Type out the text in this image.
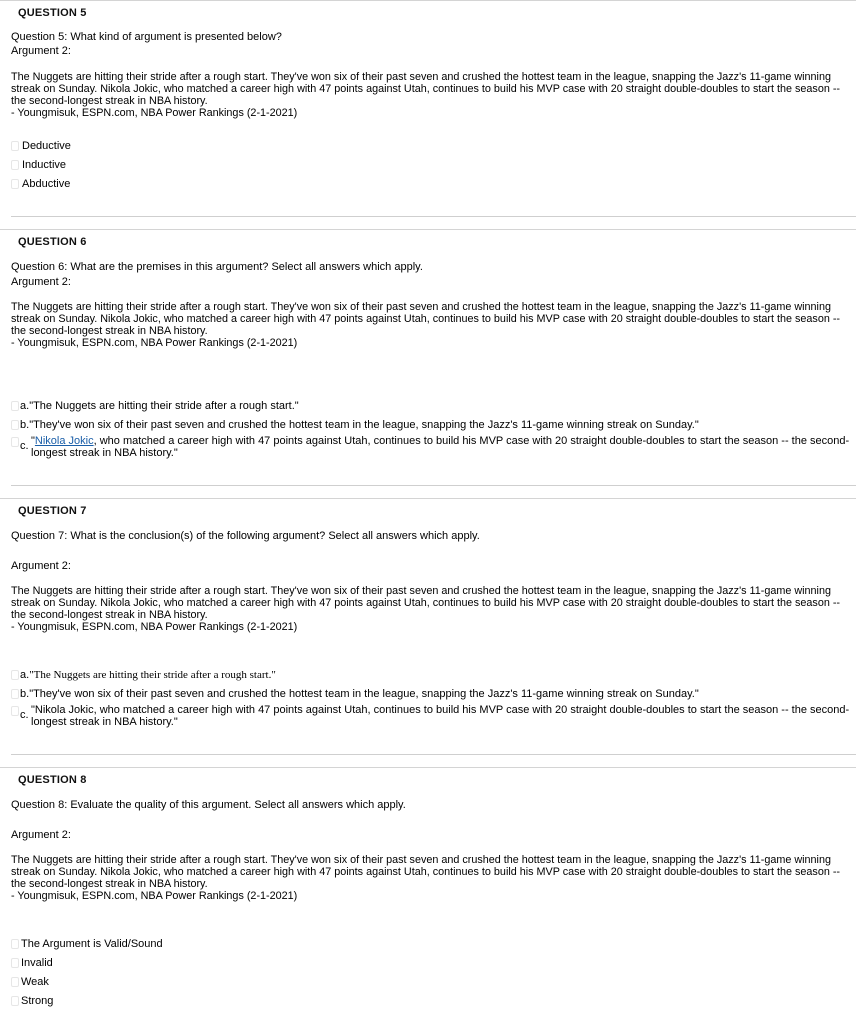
QUESTION 5
Question 5: What kind of argument is presented below?
Argument 2:
The Nuggets are hitting their stride after a rough start. They've won six of their past seven and crushed the hottest team in the league, snapping the Jazz's 11-game winning streak on Sunday. Nikola Jokic, who matched a career high with 47 points against Utah, continues to build his MVP case with 20 straight double-doubles to start the season -- the second-longest streak in NBA history.
- Youngmisuk, ESPN.com, NBA Power Rankings (2-1-2021)
Deductive
Inductive
Abductive
QUESTION 6
Question 6: What are the premises in this argument? Select all answers which apply.
Argument 2:
The Nuggets are hitting their stride after a rough start. They've won six of their past seven and crushed the hottest team in the league, snapping the Jazz's 11-game winning streak on Sunday. Nikola Jokic, who matched a career high with 47 points against Utah, continues to build his MVP case with 20 straight double-doubles to start the season -- the second-longest streak in NBA history.
- Youngmisuk, ESPN.com, NBA Power Rankings (2-1-2021)
a."The Nuggets are hitting their stride after a rough start."
b."They've won six of their past seven and crushed the hottest team in the league, snapping the Jazz's 11-game winning streak on Sunday."
c. "Nikola Jokic, who matched a career high with 47 points against Utah, continues to build his MVP case with 20 straight double-doubles to start the season -- the second-
longest streak in NBA history."
QUESTION 7
Question 7: What is the conclusion(s) of the following argument? Select all answers which apply.
Argument 2:
The Nuggets are hitting their stride after a rough start. They've won six of their past seven and crushed the hottest team in the league, snapping the Jazz's 11-game winning streak on Sunday. Nikola Jokic, who matched a career high with 47 points against Utah, continues to build his MVP case with 20 straight double-doubles to start the season -- the second-longest streak in NBA history.
- Youngmisuk, ESPN.com, NBA Power Rankings (2-1-2021)
a."The Nuggets are hitting their stride after a rough start."
b."They've won six of their past seven and crushed the hottest team in the league, snapping the Jazz's 11-game winning streak on Sunday."
c. "Nikola Jokic, who matched a career high with 47 points against Utah, continues to build his MVP case with 20 straight double-doubles to start the season -- the second-
longest streak in NBA history."
QUESTION 8
Question 8: Evaluate the quality of this argument. Select all answers which apply.
Argument 2:
The Nuggets are hitting their stride after a rough start. They've won six of their past seven and crushed the hottest team in the league, snapping the Jazz's 11-game winning streak on Sunday. Nikola Jokic, who matched a career high with 47 points against Utah, continues to build his MVP case with 20 straight double-doubles to start the season -- the second-longest streak in NBA history.
- Youngmisuk, ESPN.com, NBA Power Rankings (2-1-2021)
The Argument is Valid/Sound
Invalid
Weak
Strong
